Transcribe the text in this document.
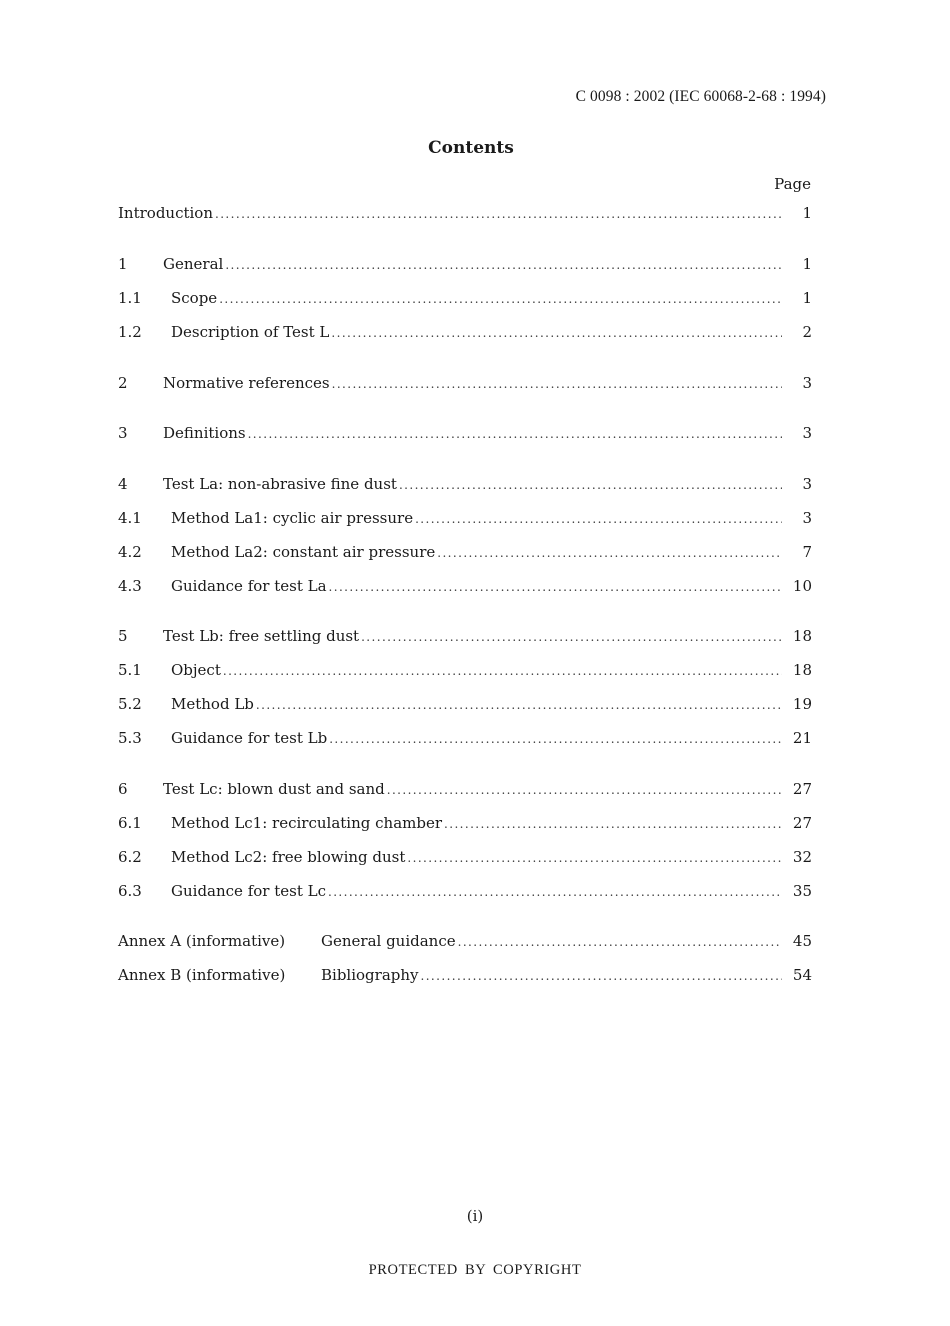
C 0098 : 2002 (IEC 60068-2-68 : 1994)
Contents
Page
Introduction .....	1
1	General .....	1
1.1	Scope .....	1
1.2	Description of Test L .....	2
2	Normative references .....	3
3	Definitions .....	3
4	Test La: non-abrasive fine dust .....	3
4.1	Method La1: cyclic air pressure .....	3
4.2	Method La2: constant air pressure .....	7
4.3	Guidance for test La .....	10
5	Test Lb: free settling dust .....	18
5.1	Object .....	18
5.2	Method Lb .....	19
5.3	Guidance for test Lb .....	21
6	Test Lc: blown dust and sand .....	27
6.1	Method Lc1: recirculating chamber .....	27
6.2	Method Lc2: free blowing dust .....	32
6.3	Guidance for test Lc .....	35
Annex A (informative)	General guidance .....	45
Annex B (informative)	Bibliography .....	54
(i)
PROTECTED BY COPYRIGHT
